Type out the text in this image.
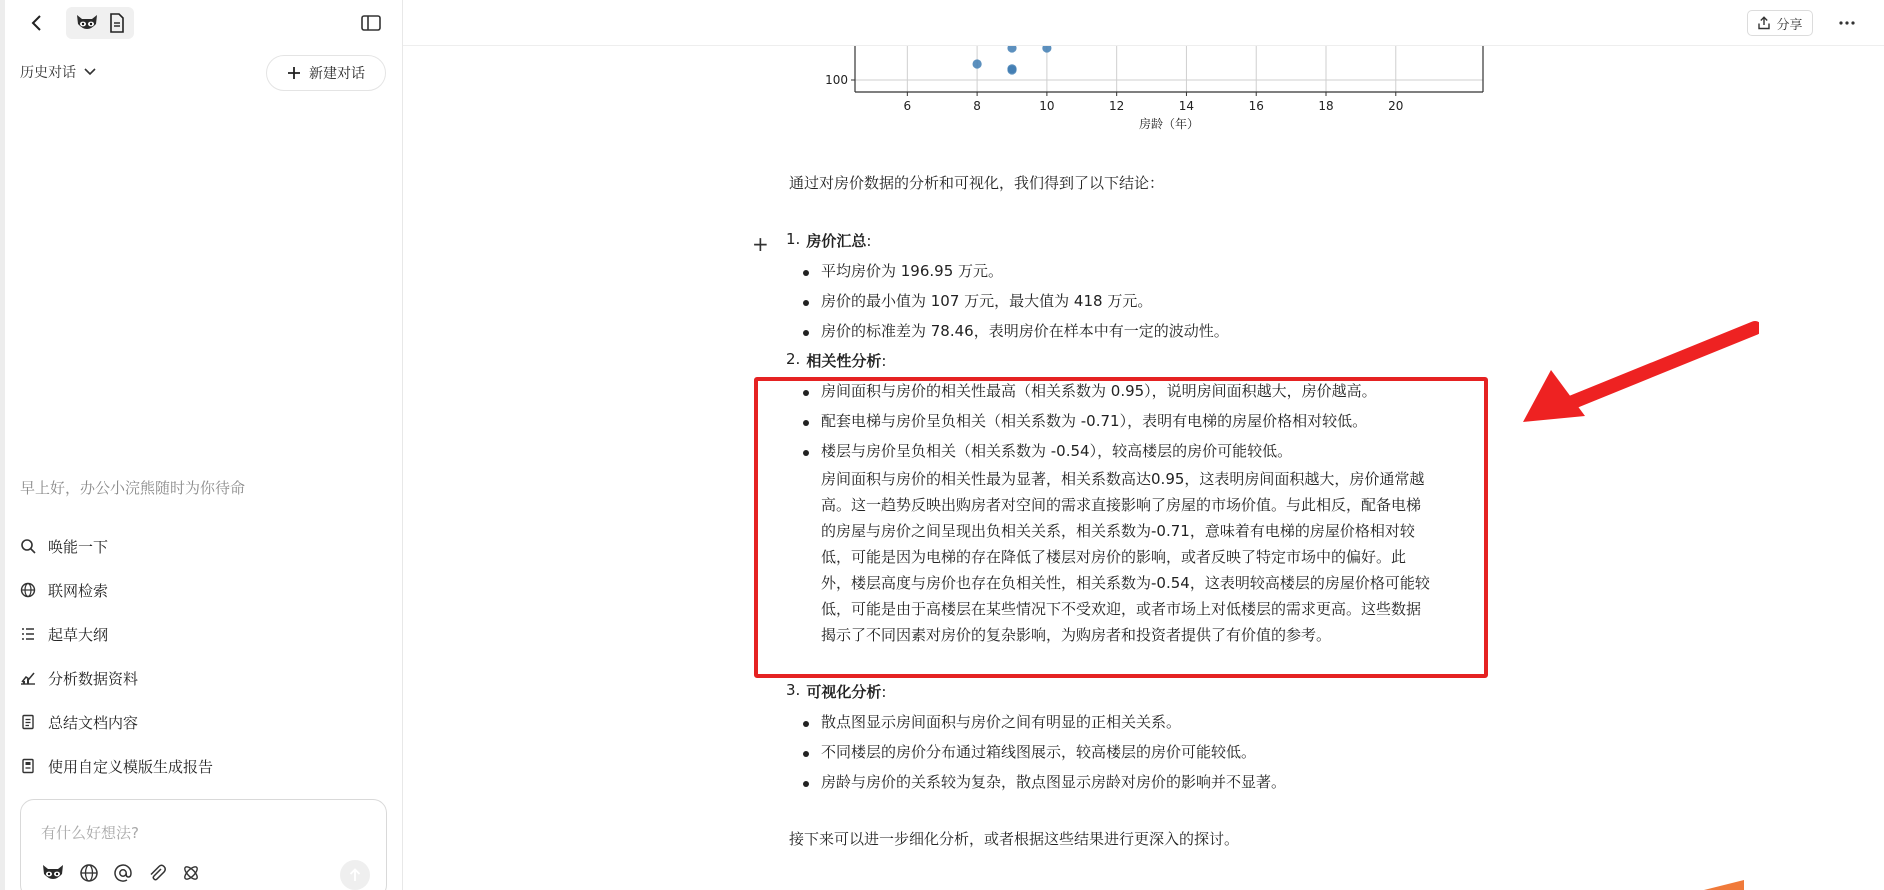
历史对话	新建对话
早上好，办公小浣熊随时为你待命
唤能一下
联网检索
起草大纲
分析数据资料
总结文档内容
使用自定义模版生成报告
有什么好想法?
分享
6	8	10	12	14	16	18	20
100
房龄（年）
通过对房价数据的分析和可视化，我们得到了以下结论：
+ 1. 房价汇总:
平均房价为 196.95 万元。
房价的最小值为 107 万元，最大值为 418 万元。
房价的标准差为 78.46，表明房价在样本中有一定的波动性。
2. 相关性分析:
房间面积与房价的相关性最高（相关系数为 0.95），说明房间面积越大，房价越高。
配套电梯与房价呈负相关（相关系数为 -0.71），表明有电梯的房屋价格相对较低。
楼层与房价呈负相关（相关系数为 -0.54），较高楼层的房价可能较低。
房间面积与房价的相关性最为显著，相关系数高达0.95，这表明房间面积越大，房价通常越高。这一趋势反映出购房者对空间的需求直接影响了房屋的市场价值。与此相反，配备电梯的房屋与房价之间呈现出负相关关系，相关系数为-0.71，意味着有电梯的房屋价格相对较低，可能是因为电梯的存在降低了楼层对房价的影响，或者反映了特定市场中的偏好。此外，楼层高度与房价也存在负相关性，相关系数为-0.54，这表明较高楼层的房屋价格可能较低，可能是由于高楼层在某些情况下不受欢迎，或者市场上对低楼层的需求更高。这些数据揭示了不同因素对房价的复杂影响，为购房者和投资者提供了有价值的参考。
3. 可视化分析:
散点图显示房间面积与房价之间有明显的正相关关系。
不同楼层的房价分布通过箱线图展示，较高楼层的房价可能较低。
房龄与房价的关系较为复杂，散点图显示房龄对房价的影响并不显著。
接下来可以进一步细化分析，或者根据这些结果进行更深入的探讨。
